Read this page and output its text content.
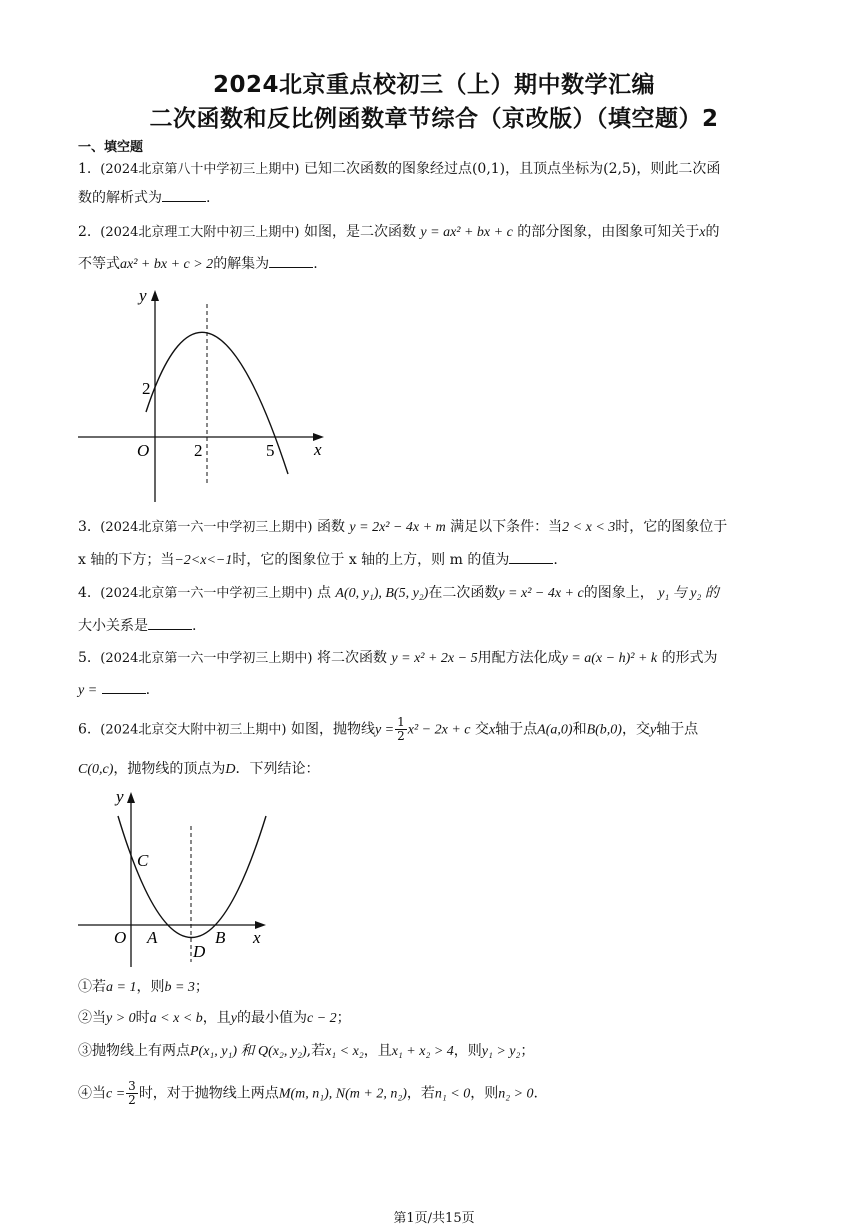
2024北京重点校初三（上）期中数学汇编
二次函数和反比例函数章节综合（京改版）（填空题）2
一、填空题
1. (2024北京第八十中学初三上期中) 已知二次函数的图象经过点(0,1)，且顶点坐标为(2,5)，则此二次函
数的解析式为	.
2. (2024北京理工大附中初三上期中) 如图，是二次函数 y = ax² + bx + c 的部分图象，由图象可知关于x的
不等式ax² + bx + c > 2的解集为	.
y
x
O
2
2	5
3. (2024北京第一六一中学初三上期中) 函数 y = 2x² − 4x + m 满足以下条件：当2 < x < 3时，它的图象位于
x 轴的下方；当−2<x<−1时，它的图象位于 x 轴的上方，则 m 的值为	.
4. (2024北京第一六一中学初三上期中) 点 A(0, y₁), B(5, y₂)在二次函数y = x² − 4x + c的图象上， y₁ 与 y₂ 的
大小关系是	.
5. (2024北京第一六一中学初三上期中) 将二次函数 y = x² + 2x − 5用配方法化成y = a(x − h)² + k 的形式为
y =	.
6. (2024北京交大附中初三上期中) 如图，抛物线$y = \frac{1}{2} x^2 - 2x + c$ 交x轴于点A(a,0)和B(b,0)，交y轴于点
C(0,c)，抛物线的顶点为D．下列结论：
y
x
O
C
A
D
B
①若a = 1，则b = 3；
②当y > 0时a < x < b，且y的最小值为c − 2；
③抛物线上有两点P(x₁, y₁) 和 Q(x₂, y₂),若x₁ < x₂，且x₁ + x₂ > 4，则y₁ > y₂；
④当$c = \frac{3}{2}$ 时，对于抛物线上两点M(m, n₁), N(m + 2, n₂)，若n₁ < 0，则n₂ > 0.
第1页/共15页
